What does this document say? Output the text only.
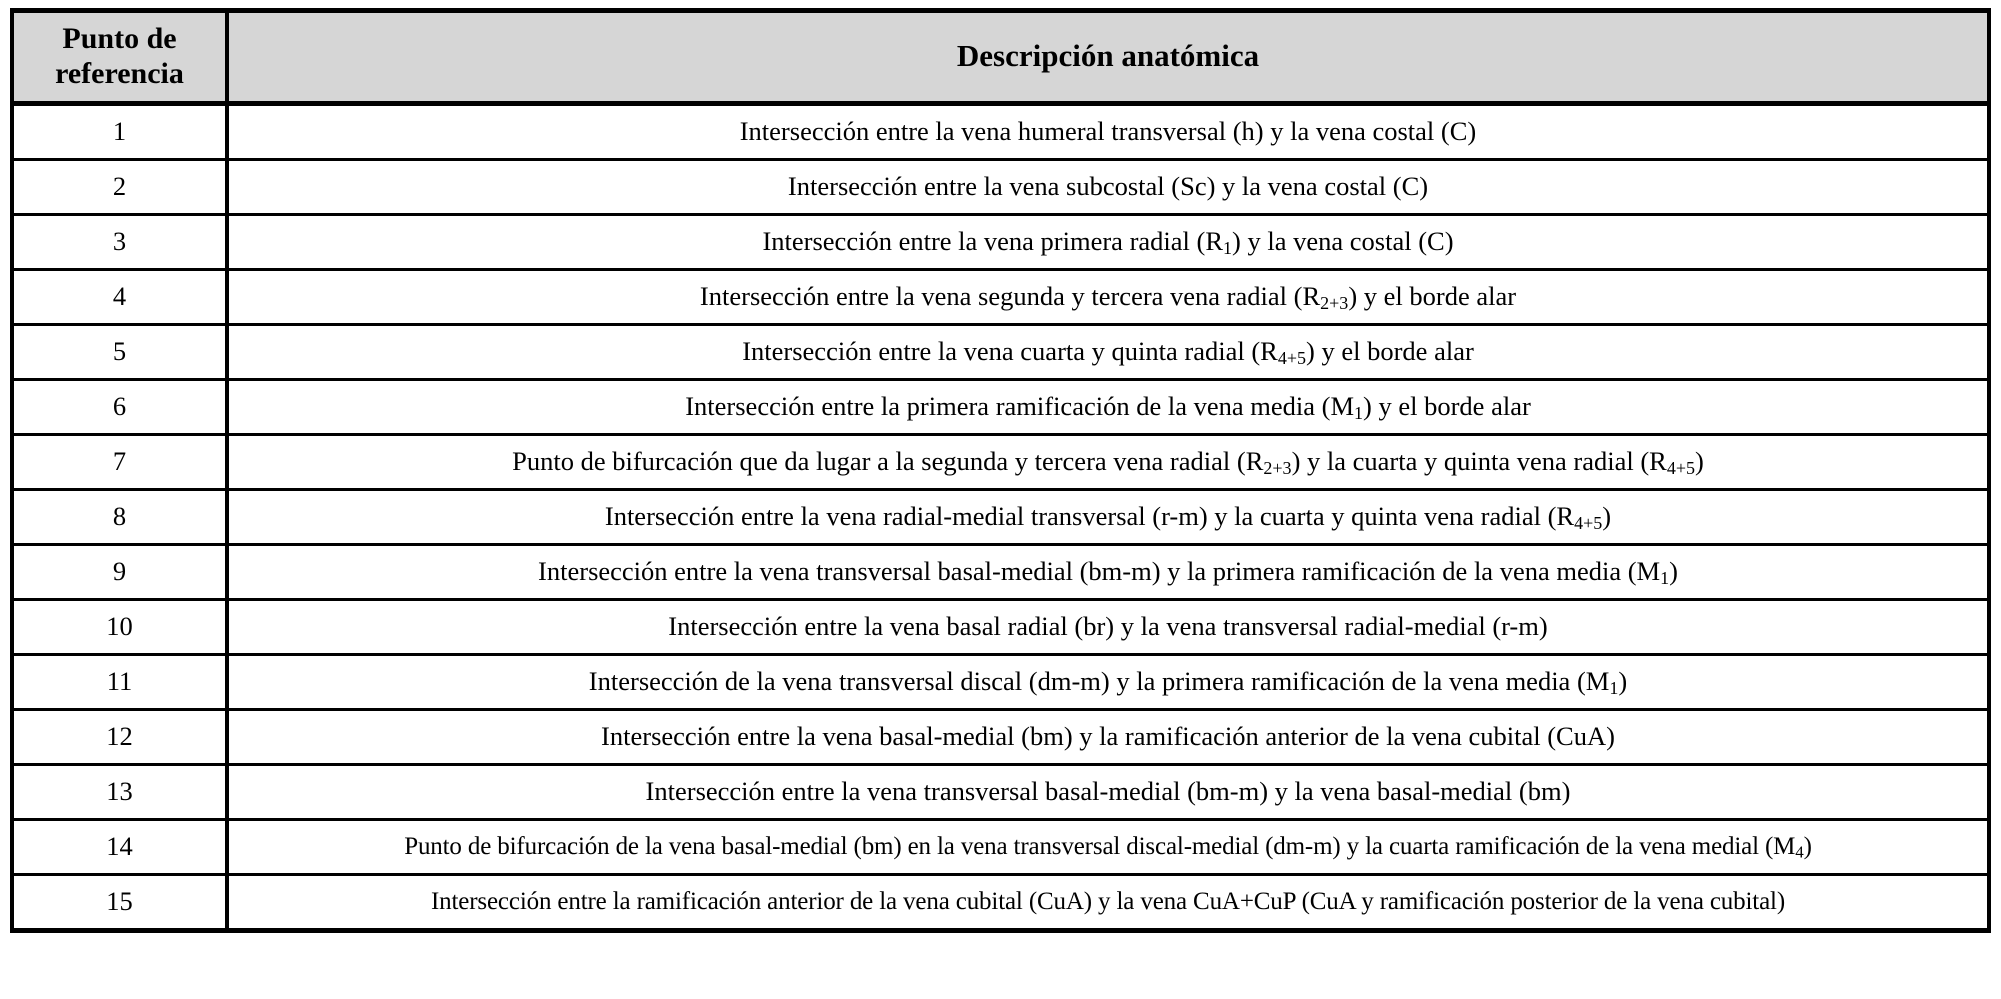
Punto de
referencia	Descripción anatómica
1	Intersección entre la vena humeral transversal (h) y la vena costal (C)
2	Intersección entre la vena subcostal (Sc) y la vena costal (C)
3	Intersección entre la vena primera radial $(R_1)$ y la vena costal (C)
4	Intersección entre la vena segunda y tercera vena radial $(R_{2+3})$ y el borde alar
5	Intersección entre la vena cuarta y quinta radial $(R_{4+5})$ y el borde alar
6	Intersección entre la primera ramificación de la vena media $(M_1)$ y el borde alar
7	Punto de bifurcación que da lugar a la segunda y tercera vena radial $(R_{2+3})$ y la cuarta y quinta vena radial $(R_{4+5})$
8	Intersección entre la vena radial-medial transversal (r-m) y la cuarta y quinta vena radial $(R_{4+5})$
9	Intersección entre la vena transversal basal-medial (bm-m) y la primera ramificación de la vena media $(M_1)$
10	Intersección entre la vena basal radial (br) y la vena transversal radial-medial (r-m)
11	Intersección de la vena transversal discal (dm-m) y la primera ramificación de la vena media $(M_1)$
12	Intersección entre la vena basal-medial (bm) y la ramificación anterior de la vena cubital (CuA)
13	Intersección entre la vena transversal basal-medial (bm-m) y la vena basal-medial (bm)
14	Punto de bifurcación de la vena basal-medial (bm) en la vena transversal discal-medial (dm-m) y la cuarta ramificación de la vena medial $(M_4)$
15	Intersección entre la ramificación anterior de la vena cubital (CuA) y la vena CuA+CuP (CuA y ramificación posterior de la vena cubital)
